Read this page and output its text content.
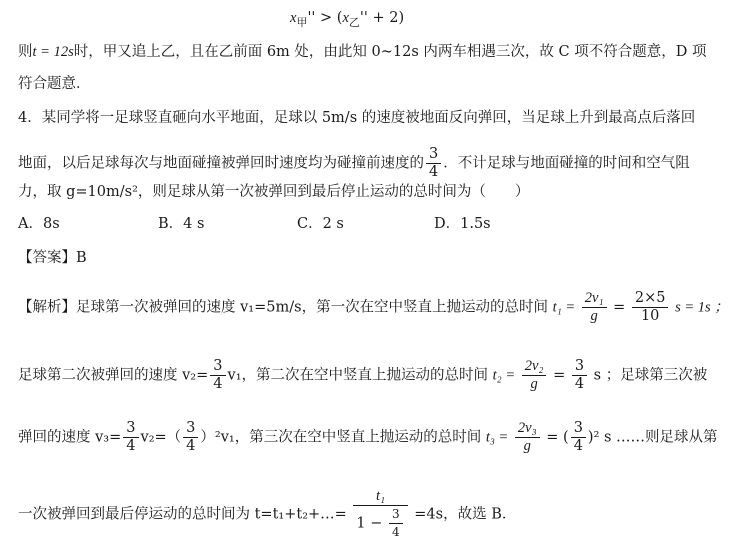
$x_甲'' > (x_乙'' + 2)$
则t = 12s时，甲又追上乙，且在乙前面 6m 处，由此知 0~12s 内两车相遇三次，故 C 项不符合题意，D 项
符合题意．
4．某同学将一足球竖直砸向水平地面，足球以 5m/s 的速度被地面反向弹回，当足球上升到最高点后落回
地面，以后足球每次与地面碰撞被弹回时速度均为碰撞前速度的 $\frac{3}{4}$ ．不计足球与地面碰撞的时间和空气阻
力，取 g=10m/s²，则足球从第一次被弹回到最后停止运动的总时间为（　　）
A．8s	B．4 s	C．2 s	D．1.5s
【答案】B
【解析】足球第一次被弹回的速度 v₁=5m/s，第一次在空中竖直上抛运动的总时间 $t_1 = \frac{\text{2v₁}}{g} = \frac{2\times 5}{10}$ s = 1s ；
足球第二次被弹回的速度 $v_2= \frac{3}{4} v_1$，第二次在空中竖直上抛运动的总时间 $t_2 = \frac{\text{2v₂}}{g} = \frac{3}{4}$ s ；足球第三次被
弹回的速度 $v_3= \frac{3}{4} v_2=( \frac{3}{4} )^2v_1$，第三次在空中竖直上抛运动的总时间 $t_3 = \frac{\text{2v₃}}{g}$ = ( $\frac{3}{4} )^2$ s ……则足球从第
一次被弹回到最后停运动的总时间为 t=t₁+t₂+…= $\frac{\text{t₁}}{1 - \frac{3}{4}} =4s$，故选 B．
